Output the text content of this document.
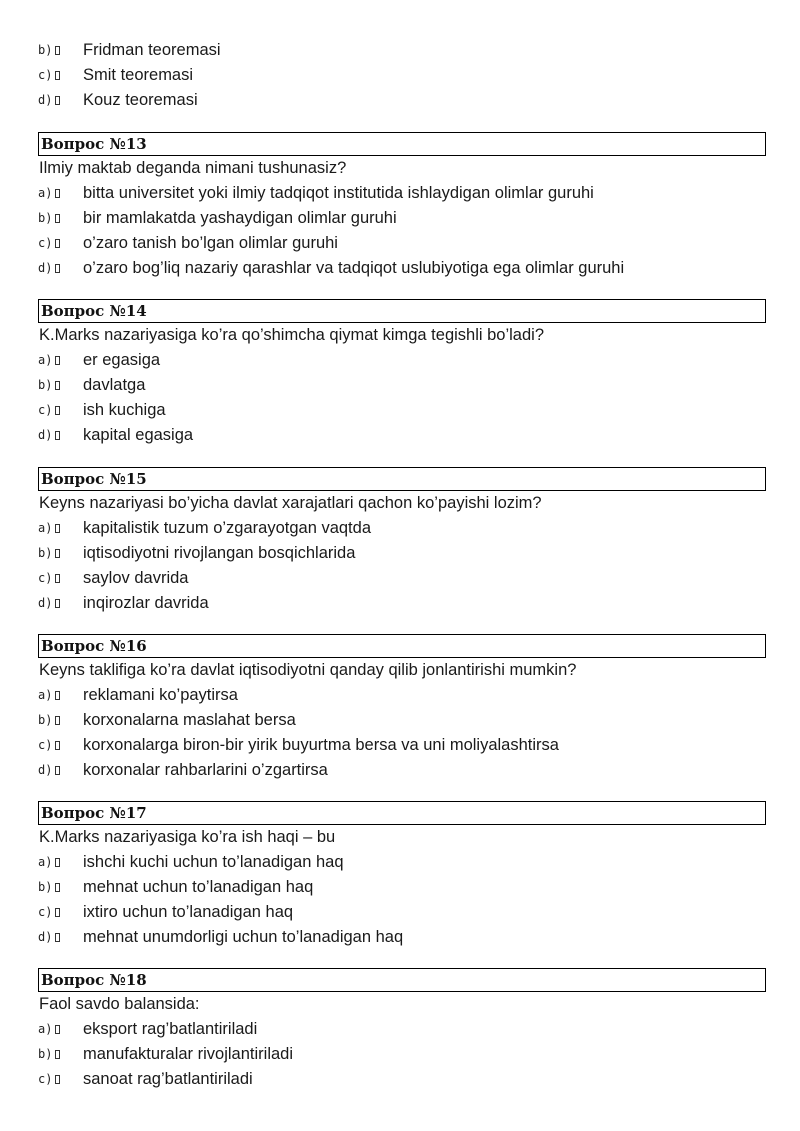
b) Fridman teoremasi
c) Smit teoremasi
d) Kouz teoremasi
Вопрос №13
Ilmiy maktab deganda nimani tushunasiz?
a) bitta universitet yoki ilmiy tadqiqot institutida ishlaydigan olimlar guruhi
b) bir mamlakatda yashaydigan olimlar guruhi
c) o’zaro tanish bo’lgan olimlar guruhi
d) o’zaro bog’liq nazariy qarashlar va tadqiqot uslubiyotiga ega olimlar guruhi
Вопрос №14
K.Marks nazariyasiga ko’ra qo’shimcha qiymat kimga tegishli bo’ladi?
a) er egasiga
b) davlatga
c) ish kuchiga
d) kapital egasiga
Вопрос №15
Keyns nazariyasi bo’yicha davlat xarajatlari qachon ko’payishi lozim?
a) kapitalistik tuzum o’zgarayotgan vaqtda
b) iqtisodiyotni rivojlangan bosqichlarida
c) saylov davrida
d) inqirozlar davrida
Вопрос №16
Keyns taklifiga ko’ra davlat iqtisodiyotni qanday qilib jonlantirishi mumkin?
a) reklamani ko’paytirsa
b) korxonalarna maslahat bersa
c) korxonalarga biron-bir yirik buyurtma bersa va uni moliyalashtirsa
d) korxonalar rahbarlarini o’zgartirsa
Вопрос №17
K.Marks nazariyasiga ko’ra ish haqi – bu
a) ishchi kuchi uchun to’lanadigan haq
b) mehnat uchun to’lanadigan haq
c) ixtiro uchun to’lanadigan haq
d) mehnat unumdorligi uchun to’lanadigan haq
Вопрос №18
Faol savdo balansida:
a) eksport rag’batlantiriladi
b) manufakturalar rivojlantiriladi
c) sanoat rag’batlantiriladi
